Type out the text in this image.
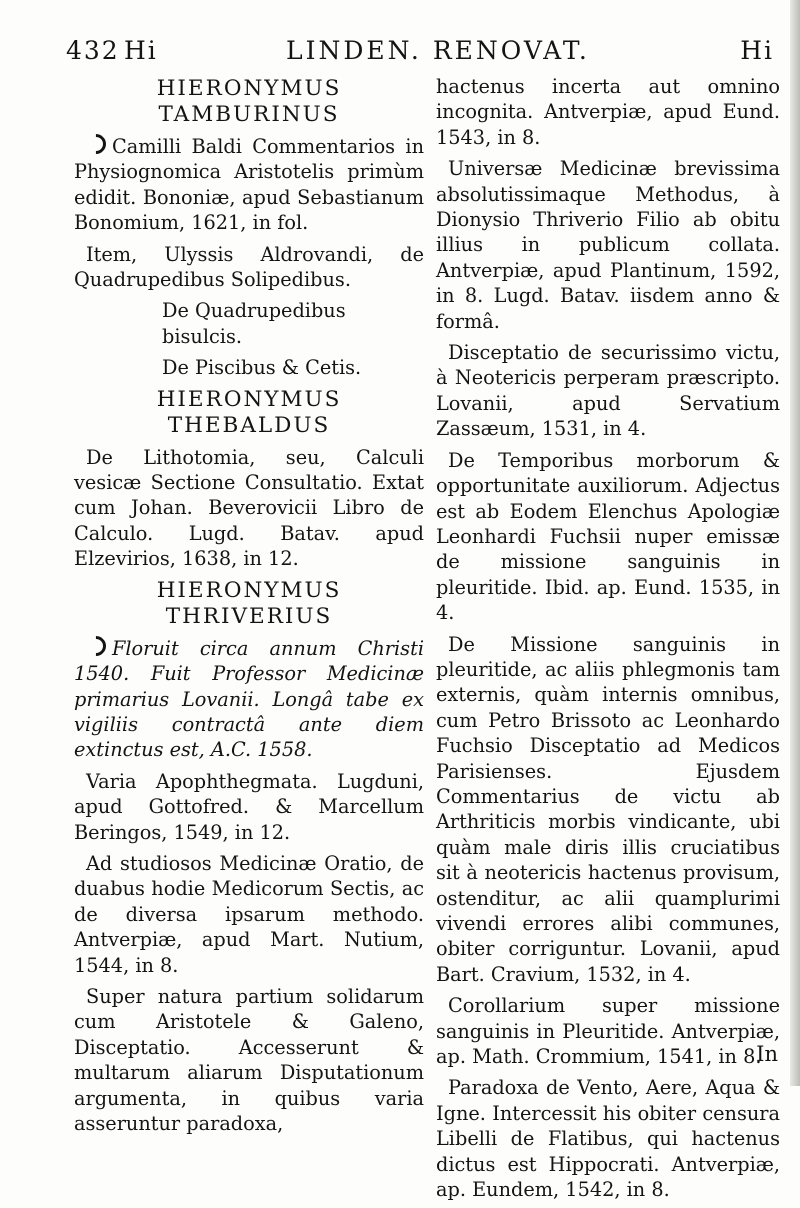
432 Hi	LINDEN. RENOVAT.	Hi
HIERONYMUS TAMBURINUS

Camilli Baldi Commentarios in Physiognomica Aristotelis primùm edidit. Bononiæ, apud Sebastianum Bonomium, 1621, in fol.

Item, Ulyssis Aldrovandi, de Quadrupedibus Solipedibus.

De Quadrupedibus bisulcis.

De Piscibus & Cetis.

HIERONYMUS THEBALDUS

De Lithotomia, seu, Calculi vesicæ Sectione Consultatio. Extat cum Johan. Beverovicii Libro de Calculo. Lugd. Batav. apud Elzevirios, 1638, in 12.

HIERONYMUS THRIVERIUS

Floruit circa annum Christi 1540. Fuit Professor Medicinæ primarius Lovanii. Longâ tabe ex vigiliis contractâ ante diem extinctus est, A.C. 1558.

Varia Apophthegmata. Lugduni, apud Gottofred. & Marcellum Beringos, 1549, in 12.

Ad studiosos Medicinæ Oratio, de duabus hodie Medicorum Sectis, ac de diversa ipsarum methodo. Antverpiæ, apud Mart. Nutium, 1544, in 8.

Super natura partium solidarum cum Aristotele & Galeno, Disceptatio. Accesserunt & multarum aliarum Disputationum argumenta, in quibus varia asseruntur paradoxa,

hactenus incerta aut omnino incognita. Antverpiæ, apud Eund. 1543, in 8.

Universæ Medicinæ brevissima absolutissimaque Methodus, à Dionysio Thriverio Filio ab obitu illius in publicum collata. Antverpiæ, apud Plantinum, 1592, in 8. Lugd. Batav. iisdem anno & formâ.

Disceptatio de securissimo victu, à Neotericis perperam præscripto. Lovanii, apud Servatium Zassæum, 1531, in 4.

De Temporibus morborum & opportunitate auxiliorum. Adjectus est ab Eodem Elenchus Apologiæ Leonhardi Fuchsii nuper emissæ de missione sanguinis in pleuritide. Ibid. ap. Eund. 1535, in 4.

De Missione sanguinis in pleuritide, ac aliis phlegmonis tam externis, quàm internis omnibus, cum Petro Brissoto ac Leonhardo Fuchsio Disceptatio ad Medicos Parisienses. Ejusdem Commentarius de victu ab Arthriticis morbis vindicante, ubi quàm male diris illis cruciatibus sit à neotericis hactenus provisum, ostenditur, ac alii quamplurimi vivendi errores alibi communes, obiter corriguntur. Lovanii, apud Bart. Cravium, 1532, in 4.

Corollarium super missione sanguinis in Pleuritide. Antverpiæ, ap. Math. Crommium, 1541, in 8.

Paradoxa de Vento, Aere, Aqua & Igne. Intercessit his obiter censura Libelli de Flatibus, qui hactenus dictus est Hippocrati. Antverpiæ, ap. Eundem, 1542, in 8.

In
